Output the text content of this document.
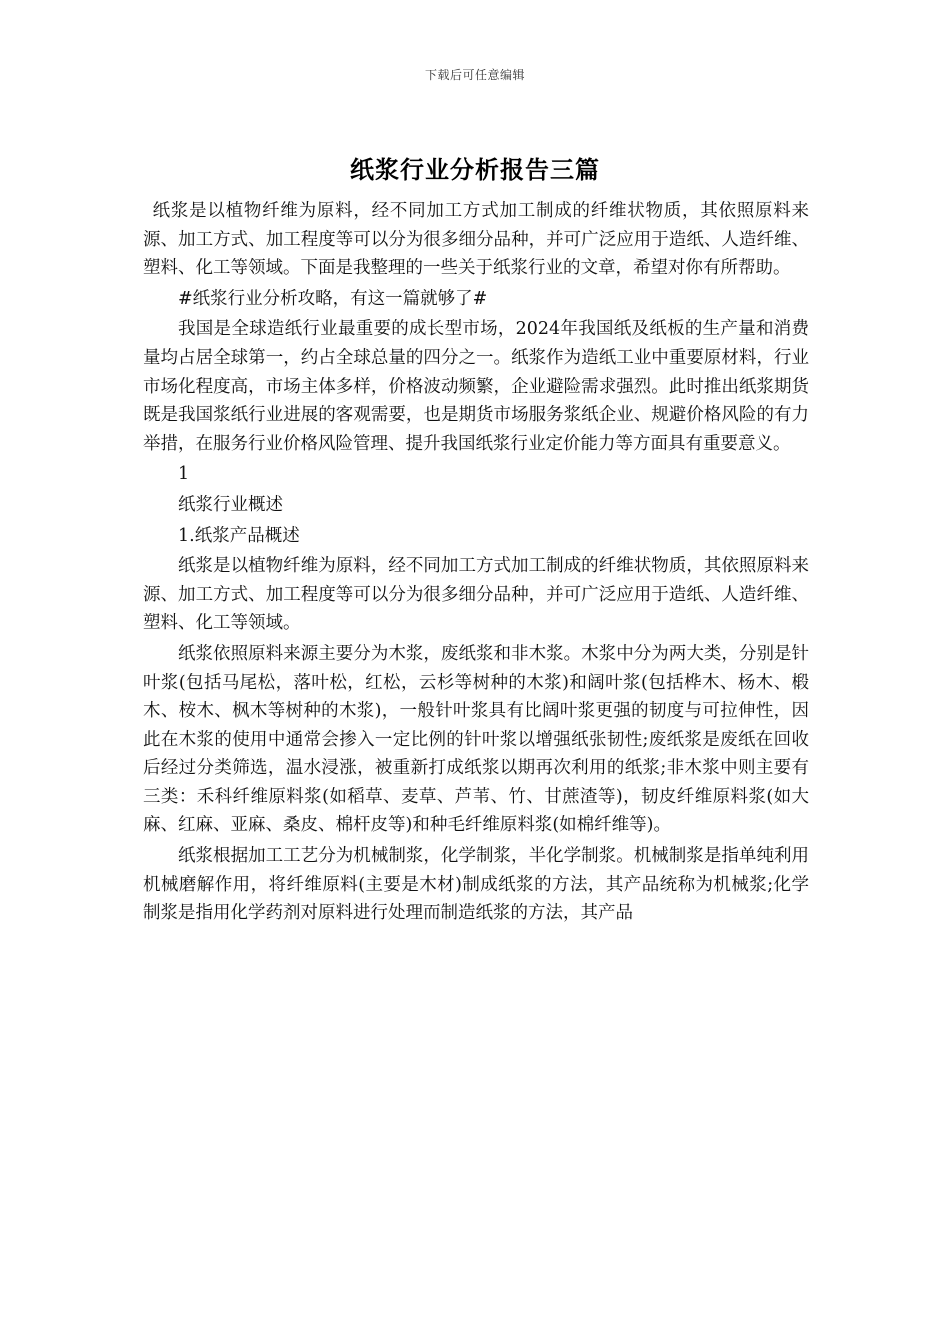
下载后可任意编辑
纸浆行业分析报告三篇

纸浆是以植物纤维为原料，经不同加工方式加工制成的纤维状物质，其依照原料来源、加工方式、加工程度等可以分为很多细分品种，并可广泛应用于造纸、人造纤维、塑料、化工等领域。下面是我整理的一些关于纸浆行业的文章，希望对你有所帮助。

#纸浆行业分析攻略，有这一篇就够了#

我国是全球造纸行业最重要的成长型市场，2024年我国纸及纸板的生产量和消费量均占居全球第一，约占全球总量的四分之一。纸浆作为造纸工业中重要原材料，行业市场化程度高，市场主体多样，价格波动频繁，企业避险需求强烈。此时推出纸浆期货既是我国浆纸行业进展的客观需要，也是期货市场服务浆纸企业、规避价格风险的有力举措，在服务行业价格风险管理、提升我国纸浆行业定价能力等方面具有重要意义。

1

纸浆行业概述

1.纸浆产品概述

纸浆是以植物纤维为原料，经不同加工方式加工制成的纤维状物质，其依照原料来源、加工方式、加工程度等可以分为很多细分品种，并可广泛应用于造纸、人造纤维、塑料、化工等领域。

纸浆依照原料来源主要分为木浆，废纸浆和非木浆。木浆中分为两大类，分别是针叶浆(包括马尾松，落叶松，红松，云杉等树种的木浆)和阔叶浆(包括桦木、杨木、椴木、桉木、枫木等树种的木浆)，一般针叶浆具有比阔叶浆更强的韧度与可拉伸性，因此在木浆的使用中通常会掺入一定比例的针叶浆以增强纸张韧性;废纸浆是废纸在回收后经过分类筛选，温水浸涨，被重新打成纸浆以期再次利用的纸浆;非木浆中则主要有三类：禾科纤维原料浆(如稻草、麦草、芦苇、竹、甘蔗渣等)，韧皮纤维原料浆(如大麻、红麻、亚麻、桑皮、棉杆皮等)和种毛纤维原料浆(如棉纤维等)。

纸浆根据加工工艺分为机械制浆，化学制浆，半化学制浆。机械制浆是指单纯利用机械磨解作用，将纤维原料(主要是木材)制成纸浆的方法，其产品统称为机械浆;化学制浆是指用化学药剂对原料进行处理而制造纸浆的方法，其产品
